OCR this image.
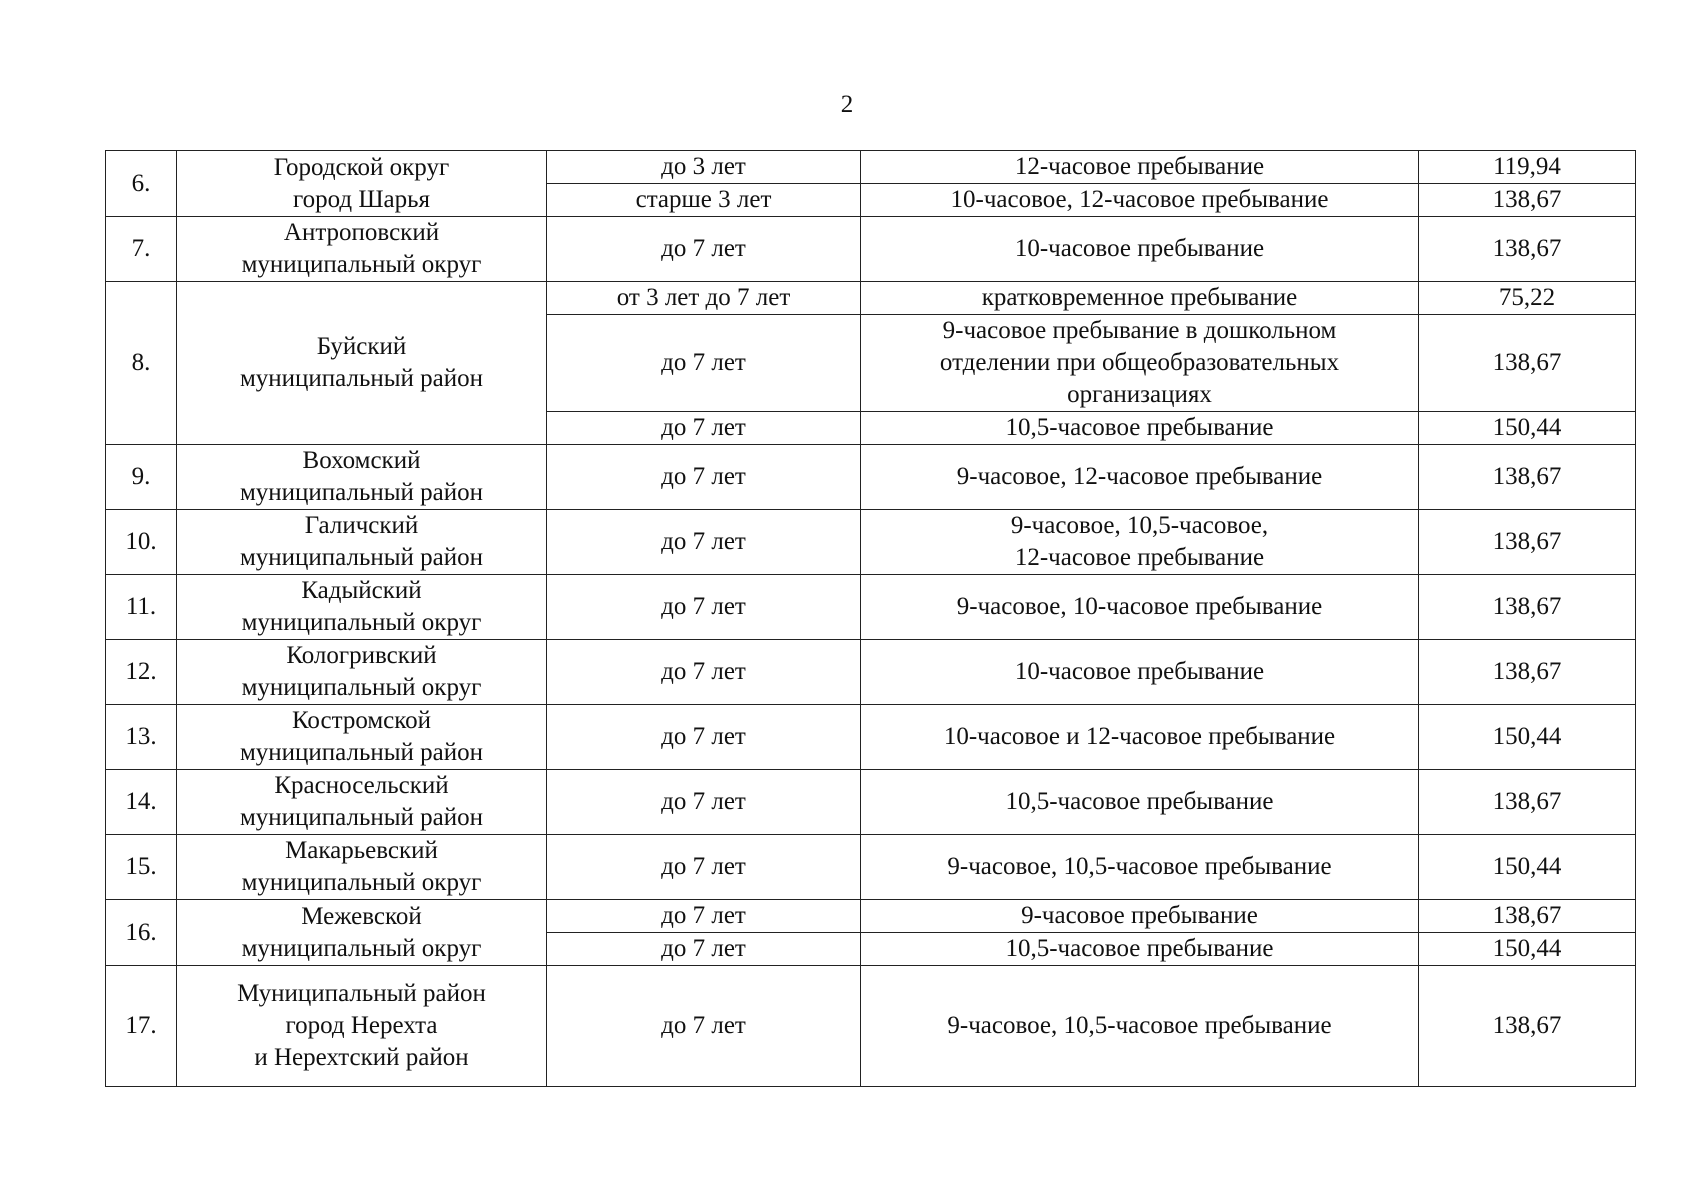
2
6.	Городской округ
город Шарья	до 3 лет	12-часовое пребывание	119,94
		старше 3 лет	10-часовое, 12-часовое пребывание	138,67
7.	Антроповский
муниципальный округ	до 7 лет	10-часовое пребывание	138,67
8.	Буйский
муниципальный район	от 3 лет до 7 лет	кратковременное пребывание	75,22
		до 7 лет	9-часовое пребывание в дошкольном
отделении при общеобразовательных
организациях	138,67
		до 7 лет	10,5-часовое пребывание	150,44
9.	Вохомский
муниципальный район	до 7 лет	9-часовое, 12-часовое пребывание	138,67
10.	Галичский
муниципальный район	до 7 лет	9-часовое, 10,5-часовое,
12-часовое пребывание	138,67
11.	Кадыйский
муниципальный округ	до 7 лет	9-часовое, 10-часовое пребывание	138,67
12.	Кологривский
муниципальный округ	до 7 лет	10-часовое пребывание	138,67
13.	Костромской
муниципальный район	до 7 лет	10-часовое и 12-часовое пребывание	150,44
14.	Красносельский
муниципальный район	до 7 лет	10,5-часовое пребывание	138,67
15.	Макарьевский
муниципальный округ	до 7 лет	9-часовое, 10,5-часовое пребывание	150,44
16.	Межевской
муниципальный округ	до 7 лет	9-часовое пребывание	138,67
		до 7 лет	10,5-часовое пребывание	150,44
17.	Муниципальный район
город Нерехта
и Нерехтский район	до 7 лет	9-часовое, 10,5-часовое пребывание	138,67
